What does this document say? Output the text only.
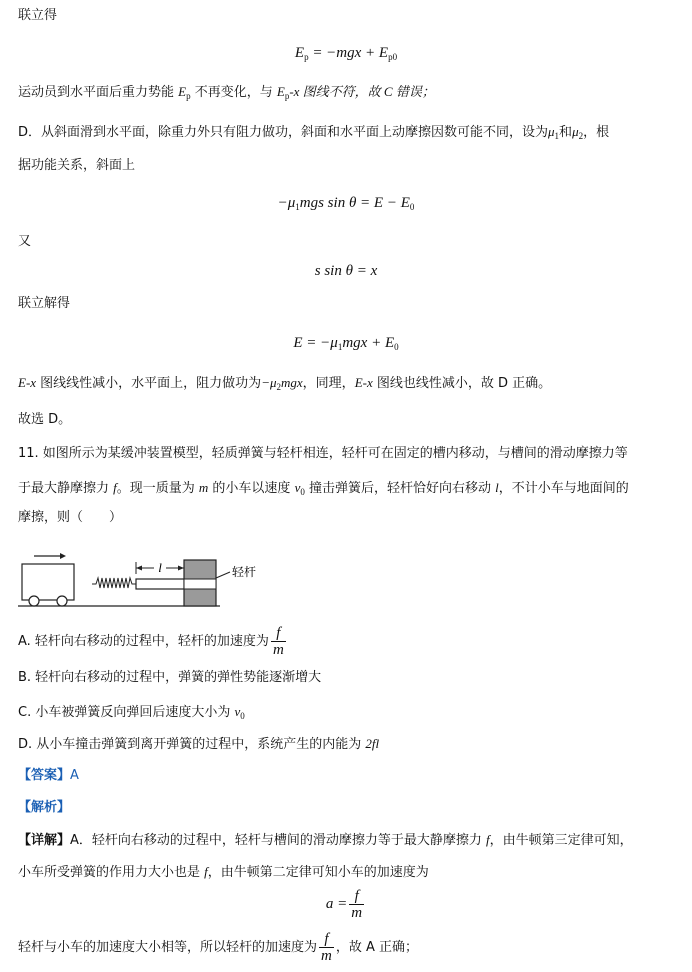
联立得
$E_p = -mgx + E_{p0}$
运动员到水平面后重力势能 $E_p$ 不再变化，与 $E_p-x$ 图线不符，故 C 错误；
D．从斜面滑到水平面，除重力外只有阻力做功，斜面和水平面上动摩擦因数可能不同，设为$\mu_1$和$\mu_2$，根
据功能关系，斜面上
$-\mu_1mgs$ $\sin \theta = E - E_0$
又
s sin θ = x
联立解得
$E = -\mu_1mgx + E_0$
E-x 图线线性减小，水平面上，阻力做功为$-\mu_2mgx$，同理，E-x 图线也线性减小，故 D 正确。
故选 D。
11. 如图所示为某缓冲装置模型，轻质弹簧与轻杆相连，轻杆可在固定的槽内移动，与槽间的滑动摩擦力等
于最大静摩擦力 f。现一质量为 m 的小车以速度 $v_0$ 撞击弹簧后，轻杆恰好向右移动 l，不计小车与地面间的
摩擦，则（　　）
l	轻杆
A. 轻杆向右移动的过程中，轻杆的加速度为 $\frac{f}{m}$
B. 轻杆向右移动的过程中，弹簧的弹性势能逐渐增大
C. 小车被弹簧反向弹回后速度大小为 $v_0$
D. 从小车撞击弹簧到离开弹簧的过程中，系统产生的内能为 2fl
【答案】A
【解析】
【详解】A．轻杆向右移动的过程中，轻杆与槽间的滑动摩擦力等于最大静摩擦力 f，由牛顿第三定律可知，
小车所受弹簧的作用力大小也是 f，由牛顿第二定律可知小车的加速度为
$a = \frac{f}{m}$
轻杆与小车的加速度大小相等，所以轻杆的加速度为 $\frac{f}{m}$ ，故 A 正确；
